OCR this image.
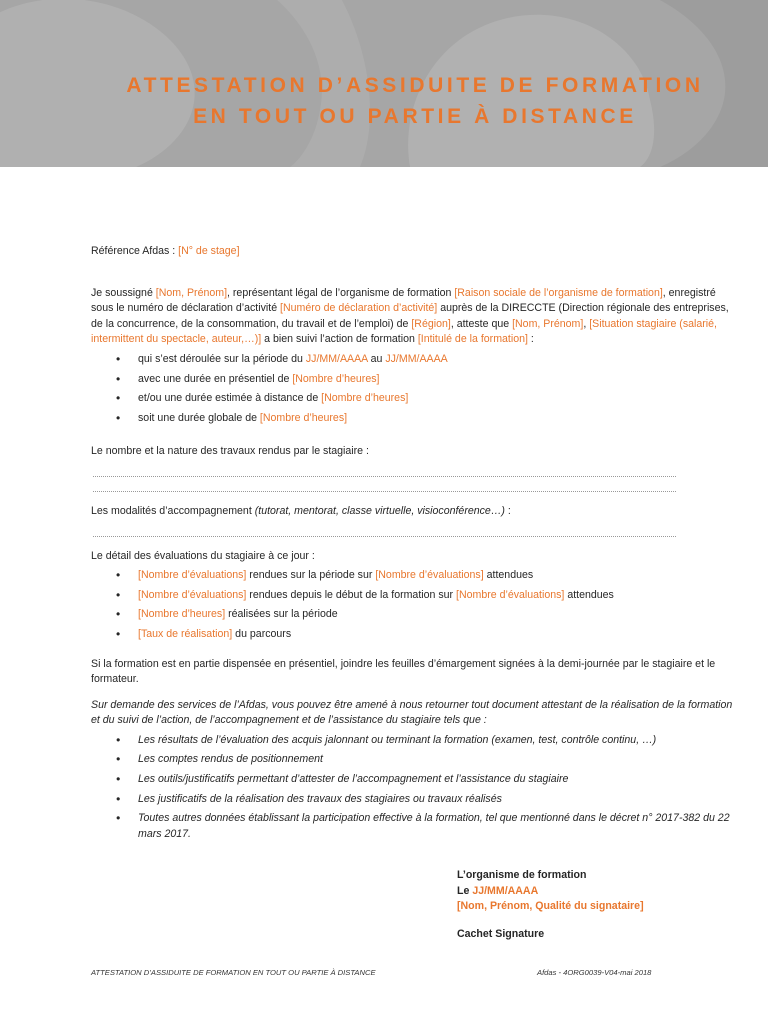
ATTESTATION D’ASSIDUITE DE FORMATION
EN TOUT OU PARTIE À DISTANCE

Référence Afdas : [N° de stage]

Je soussigné [Nom, Prénom], représentant légal de l’organisme de formation [Raison sociale de l’organisme de formation], enregistré sous le numéro de déclaration d’activité [Numéro de déclaration d’activité] auprès de la DIRECCTE (Direction régionale des entreprises, de la concurrence, de la consommation, du travail et de l’emploi) de [Région], atteste que [Nom, Prénom], [Situation stagiaire (salarié, intermittent du spectacle, auteur,…)] a bien suivi l’action de formation [Intitulé de la formation] :

• qui s’est déroulée sur la période du JJ/MM/AAAA au JJ/MM/AAAA
• avec une durée en présentiel de [Nombre d’heures]
• et/ou une durée estimée à distance de [Nombre d’heures]
• soit une durée globale de [Nombre d’heures]

Le nombre et la nature des travaux rendus par le stagiaire :

Les modalités d’accompagnement (tutorat, mentorat, classe virtuelle, visioconférence…) :

Le détail des évaluations du stagiaire à ce jour :

• [Nombre d’évaluations] rendues sur la période sur [Nombre d’évaluations] attendues
• [Nombre d’évaluations] rendues depuis le début de la formation sur [Nombre d’évaluations] attendues
• [Nombre d’heures] réalisées sur la période
• [Taux de réalisation] du parcours

Si la formation est en partie dispensée en présentiel, joindre les feuilles d’émargement signées à la demi-journée par le stagiaire et le formateur.

Sur demande des services de l’Afdas, vous pouvez être amené à nous retourner tout document attestant de la réalisation de la formation et du suivi de l’action, de l’accompagnement et de l’assistance du stagiaire tels que :

• Les résultats de l’évaluation des acquis jalonnant ou terminant la formation (examen, test, contrôle continu, …)
• Les comptes rendus de positionnement
• Les outils/justificatifs permettant d’attester de l’accompagnement et l’assistance du stagiaire
• Les justificatifs de la réalisation des travaux des stagiaires ou travaux réalisés
• Toutes autres données établissant la participation effective à la formation, tel que mentionné dans le décret n° 2017-382 du 22 mars 2017.
L’organisme de formation
Le JJ/MM/AAAA
[Nom, Prénom, Qualité du signataire]
Cachet Signature
ATTESTATION D’ASSIDUITE DE FORMATION EN TOUT OU PARTIE À DISTANCE	Afdas - 4ORG0039-V04-mai 2018
